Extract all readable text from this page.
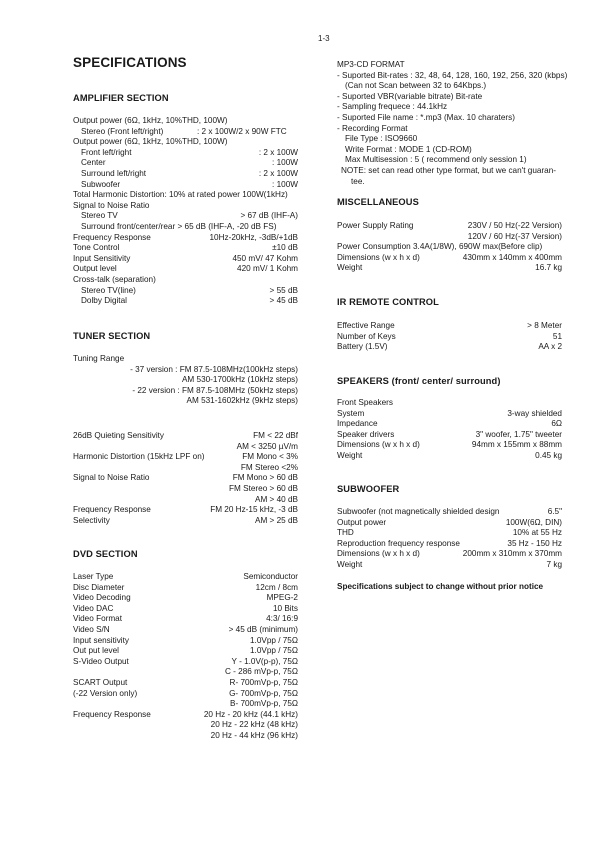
1-3
SPECIFICATIONS
AMPLIFIER SECTION
Output power (6Ω, 1kHz, 10%THD, 100W)
Stereo (Front left/right)	: 2 x 100W/2 x 90W FTC
Output power (6Ω, 1kHz, 10%THD, 100W)
Front left/right	: 2 x 100W
Center	: 100W
Surround left/right	: 2 x 100W
Subwoofer	: 100W
Total Harmonic Distortion: 10% at rated power 100W(1kHz)
Signal to Noise Ratio
Stereo TV	> 67 dB (IHF-A)
Surround front/center/rear > 65 dB (IHF-A, -20 dB FS)
Frequency Response	10Hz-20kHz, -3dB/+1dB
Tone Control	±10 dB
Input Sensitivity	450 mV/ 47 Kohm
Output level	420 mV/ 1 Kohm
Cross-talk (separation)
Stereo TV(line)	> 55 dB
Dolby Digital	> 45 dB
TUNER SECTION
Tuning Range
- 37 version : FM 87.5-108MHz(100kHz steps)
AM 530-1700kHz (10kHz steps)
- 22 version : FM 87.5-108MHz (50kHz steps)
AM 531-1602kHz (9kHz steps)
26dB Quieting Sensitivity	FM < 22 dBf
AM < 3250 µV/m
Harmonic Distortion (15kHz LPF on)	FM Mono < 3%
FM Stereo <2%
Signal to Noise Ratio	FM Mono > 60 dB
FM Stereo > 60 dB
AM > 40 dB
Frequency Response	FM 20 Hz-15 kHz, -3 dB
Selectivity	AM > 25 dB
DVD SECTION
Laser Type	Semiconductor
Disc Diameter	12cm / 8cm
Video Decoding	MPEG-2
Video DAC	10 Bits
Video Format	4:3/ 16:9
Video S/N	> 45 dB (minimum)
Input sensitivity	1.0Vpp / 75Ω
Out put level	1.0Vpp / 75Ω
S-Video Output	Y - 1.0V(p-p), 75Ω
C - 286 mVp-p, 75Ω
SCART Output	R- 700mVp-p, 75Ω
(-22 Version only)	G- 700mVp-p, 75Ω
B- 700mVp-p, 75Ω
Frequency Response	20 Hz - 20 kHz (44.1 kHz)
20 Hz - 22 kHz (48 kHz)
20 Hz - 44 kHz (96 kHz)
MP3-CD FORMAT
- Suported Bit-rates : 32, 48, 64, 128, 160, 192, 256, 320 (kbps)
(Can not Scan between 32 to 64Kbps.)
- Suported VBR(variable bitrate) Bit-rate
- Sampling frequece : 44.1kHz
- Suported File name : *.mp3 (Max. 10 charaters)
- Recording Format
File Type : ISO9660
Write Format : MODE 1 (CD-ROM)
Max Multisession : 5 ( recommend only session 1)
NOTE: set can read other type format, but we can't guaran-
tee.
MISCELLANEOUS
Power Supply Rating	230V / 50 Hz(-22 Version)
120V / 60 Hz(-37 Version)
Power Consumption 3.4A(1/8W), 690W max(Before clip)
Dimensions (w x h x d)	430mm x 140mm x 400mm
Weight	16.7 kg
IR REMOTE CONTROL
Effective Range	> 8 Meter
Number of Keys	51
Battery (1.5V)	AA x 2
SPEAKERS (front/ center/ surround)
Front Speakers
System	3-way shielded
Impedance	6Ω
Speaker drivers	3" woofer, 1.75" tweeter
Dimensions (w x h x d)	94mm x 155mm x 88mm
Weight	0.45 kg
SUBWOOFER
Subwoofer (not magnetically shielded design	6.5"
Output power	100W(6Ω, DIN)
THD	10% at 55 Hz
Reproduction frequency response	35 Hz - 150 Hz
Dimensions (w x h x d)	200mm x 310mm x 370mm
Weight	7 kg
Specifications subject to change without prior notice
